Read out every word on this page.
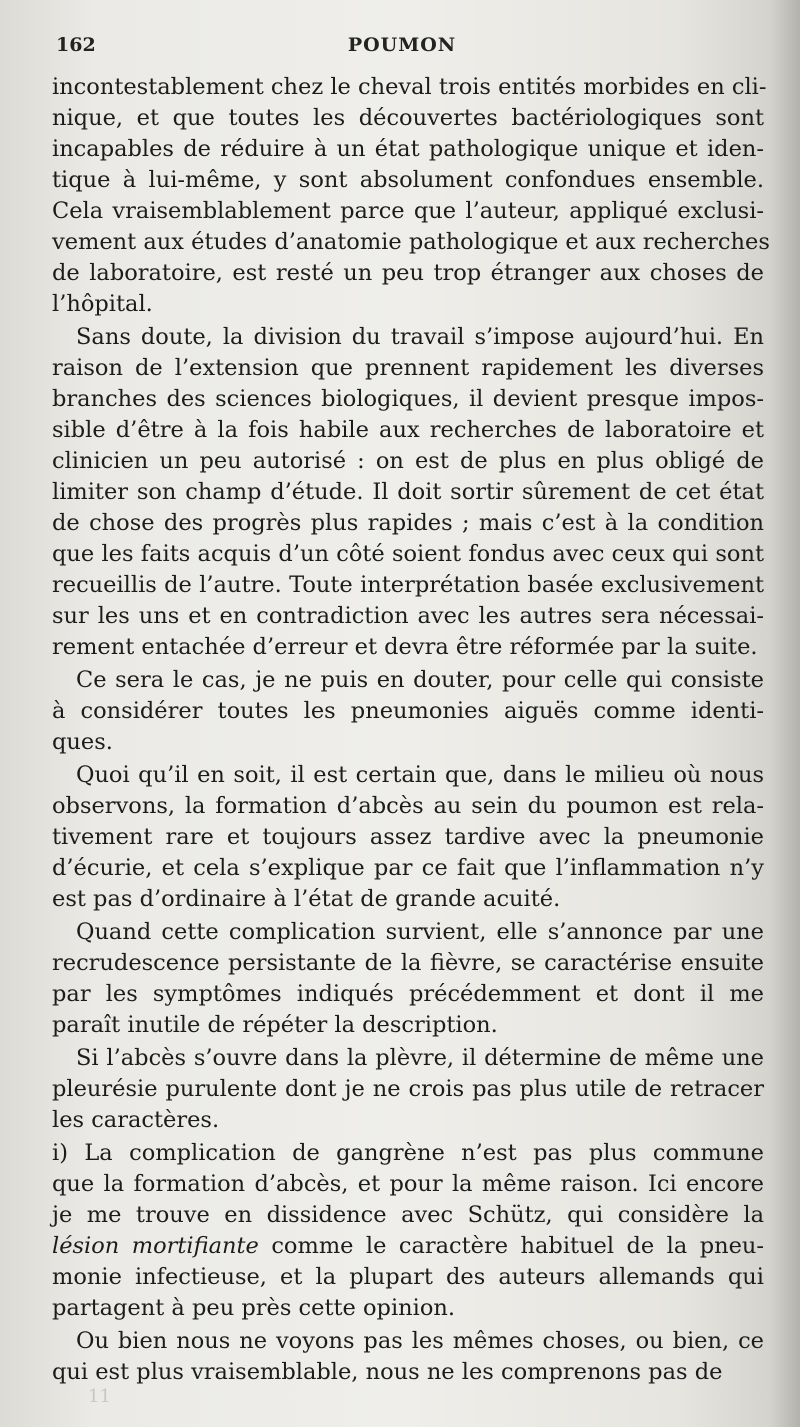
162	POUMON
incontestablement chez le cheval trois entités morbides en cli-
nique, et que toutes les découvertes bactériologiques sont
incapables de réduire à un état pathologique unique et iden-
tique à lui-même, y sont absolument confondues ensemble.
Cela vraisemblablement parce que l’auteur, appliqué exclusi-
vement aux études d’anatomie pathologique et aux recherches
de laboratoire, est resté un peu trop étranger aux choses de
l’hôpital.
Sans doute, la division du travail s’impose aujourd’hui. En
raison de l’extension que prennent rapidement les diverses
branches des sciences biologiques, il devient presque impos-
sible d’être à la fois habile aux recherches de laboratoire et
clinicien un peu autorisé : on est de plus en plus obligé de
limiter son champ d’étude. Il doit sortir sûrement de cet état
de chose des progrès plus rapides ; mais c’est à la condition
que les faits acquis d’un côté soient fondus avec ceux qui sont
recueillis de l’autre. Toute interprétation basée exclusivement
sur les uns et en contradiction avec les autres sera nécessai-
rement entachée d’erreur et devra être réformée par la suite.
Ce sera le cas, je ne puis en douter, pour celle qui consiste
à considérer toutes les pneumonies aiguës comme identi-
ques.
Quoi qu’il en soit, il est certain que, dans le milieu où nous
observons, la formation d’abcès au sein du poumon est rela-
tivement rare et toujours assez tardive avec la pneumonie
d’écurie, et cela s’explique par ce fait que l’inflammation n’y
est pas d’ordinaire à l’état de grande acuité.
Quand cette complication survient, elle s’annonce par une
recrudescence persistante de la fièvre, se caractérise ensuite
par les symptômes indiqués précédemment et dont il me
paraît inutile de répéter la description.
Si l’abcès s’ouvre dans la plèvre, il détermine de même une
pleurésie purulente dont je ne crois pas plus utile de retracer
les caractères.
i) La complication de gangrène n’est pas plus commune
que la formation d’abcès, et pour la même raison. Ici encore
je me trouve en dissidence avec Schütz, qui considère la
lésion mortifiante comme le caractère habituel de la pneu-
monie infectieuse, et la plupart des auteurs allemands qui
partagent à peu près cette opinion.
Ou bien nous ne voyons pas les mêmes choses, ou bien, ce
qui est plus vraisemblable, nous ne les comprenons pas de
11
